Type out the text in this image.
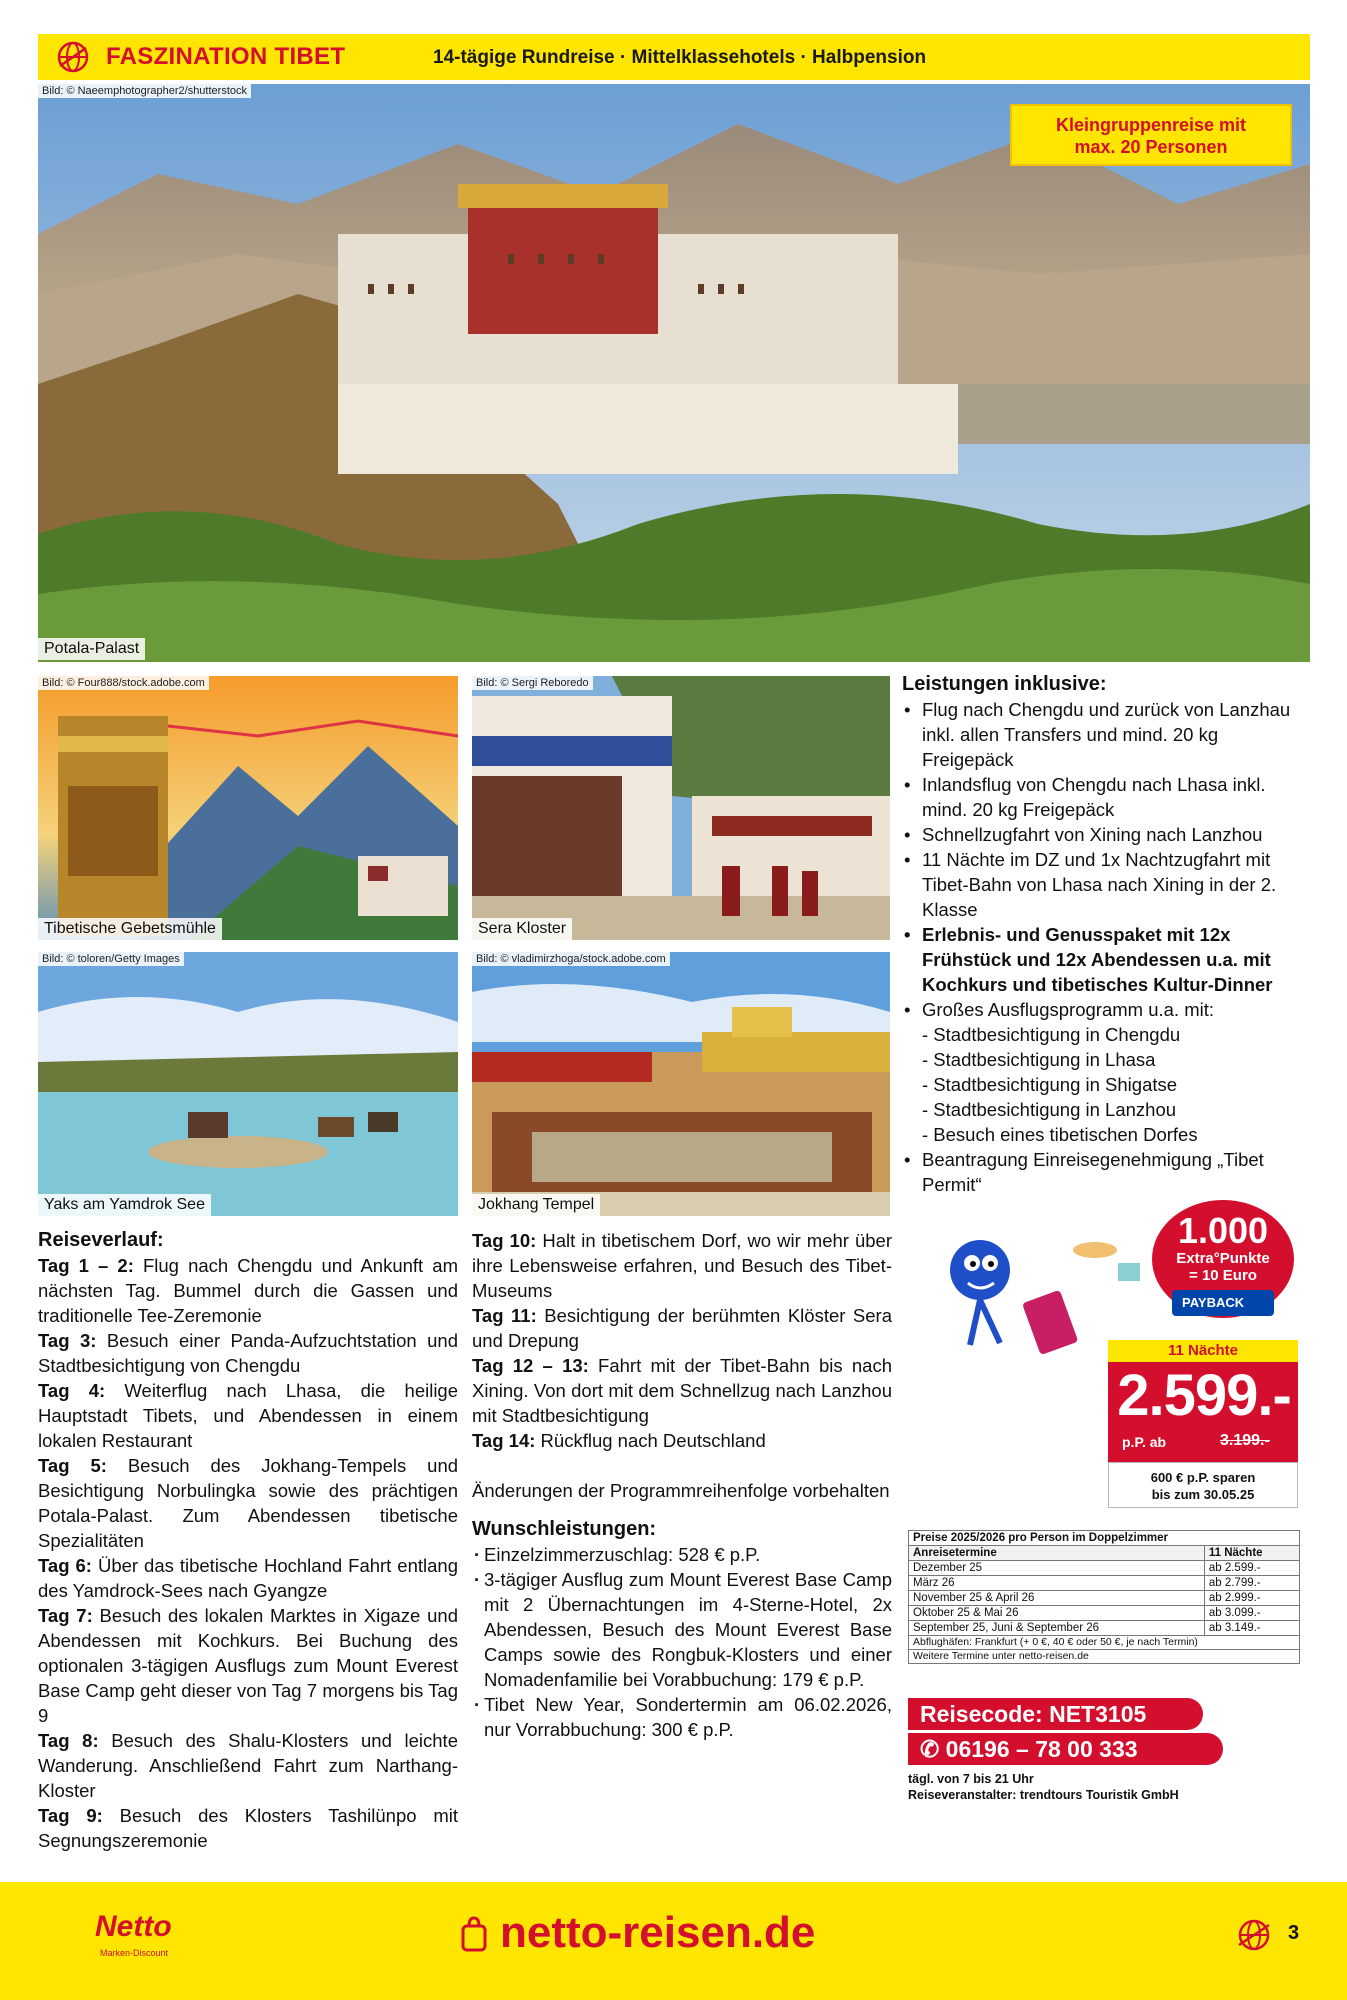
FASZINATION TIBET	14-tägige Rundreise · Mittelklassehotels · Halbpension
Bild: © Naeemphotographer2/shutterstock
Potala-Palast
Kleingruppenreise mit
max. 20 Personen
Bild: © Four888/stock.adobe.com
Tibetische Gebetsmühle
Bild: © Sergi Reboredo
Sera Kloster
Bild: © toloren/Getty Images
Yaks am Yamdrok See
Bild: © vladimirzhoga/stock.adobe.com
Jokhang Tempel
Leistungen inklusive:
• Flug nach Chengdu und zurück von Lanzhau inkl. allen Transfers und mind. 20 kg Freigepäck
• Inlandsflug von Chengdu nach Lhasa inkl. mind. 20 kg Freigepäck
• Schnellzugfahrt von Xining nach Lanzhou
• 11 Nächte im DZ und 1x Nachtzugfahrt mit Tibet-Bahn von Lhasa nach Xining in der 2. Klasse
• Erlebnis- und Genusspaket mit 12x Frühstück und 12x Abendessen u.a. mit Kochkurs und tibetisches Kultur-Dinner
• Großes Ausflugsprogramm u.a. mit:
- Stadtbesichtigung in Chengdu
- Stadtbesichtigung in Lhasa
- Stadtbesichtigung in Shigatse
- Stadtbesichtigung in Lanzhou
- Besuch eines tibetischen Dorfes
• Beantragung Einreisegenehmigung „Tibet Permit“
Reiseverlauf:

Tag 1 – 2: Flug nach Chengdu und Ankunft am nächsten Tag. Bummel durch die Gassen und traditionelle Tee-Zeremonie

Tag 3: Besuch einer Panda-Aufzuchtstation und Stadtbesichtigung von Chengdu

Tag 4: Weiterflug nach Lhasa, die heilige Hauptstadt Tibets, und Abendessen in einem lokalen Restaurant

Tag 5: Besuch des Jokhang-Tempels und Besichtigung Norbulingka sowie des prächtigen Potala-Palast. Zum Abendessen tibetische Spezialitäten

Tag 6: Über das tibetische Hochland Fahrt entlang des Yamdrock-Sees nach Gyangze

Tag 7: Besuch des lokalen Marktes in Xigaze und Abendessen mit Kochkurs. Bei Buchung des optionalen 3-tägigen Ausflugs zum Mount Everest Base Camp geht dieser von Tag 7 morgens bis Tag 9

Tag 8: Besuch des Shalu-Klosters und leichte Wanderung. Anschließend Fahrt zum Narthang-Kloster

Tag 9: Besuch des Klosters Tashilünpo mit Segnungszeremonie

Tag 10: Halt in tibetischem Dorf, wo wir mehr über ihre Lebensweise erfahren, und Besuch des Tibet-Museums

Tag 11: Besichtigung der berühmten Klöster Sera und Drepung

Tag 12 – 13: Fahrt mit der Tibet-Bahn bis nach Xining. Von dort mit dem Schnellzug nach Lanzhou mit Stadtbesichtigung

Tag 14: Rückflug nach Deutschland

Änderungen der Programmreihenfolge vorbehalten

Wunschleistungen:
· Einzelzimmerzuschlag: 528 € p.P.
· 3-tägiger Ausflug zum Mount Everest Base Camp mit 2 Übernachtungen im 4-Sterne-Hotel, 2x Abendessen, Besuch des Mount Everest Base Camps sowie des Rongbuk-Klosters und einer Nomadenfamilie bei Vorabbuchung: 179 € p.P.
· Tibet New Year, Sondertermin am 06.02.2026, nur Vorrabbuchung: 300 € p.P.
1.000
Extra°Punkte
= 10 Euro
PAYBACK
11 Nächte
2.599.-
p.P. ab	3.199.-
600 € p.P. sparen
bis zum 30.05.25
Preise 2025/2026 pro Person im Doppelzimmer	
Anreisetermine	11 Nächte
Dezember 25	ab 2.599.-
März 26	ab 2.799.-
November 25 & April 26	ab 2.999.-
Oktober 25 & Mai 26	ab 3.099.-
September 25, Juni & September 26	ab 3.149.-
Abflughäfen: Frankfurt (+ 0 €, 40 € oder 50 €, je nach Termin)	
Weitere Termine unter netto-reisen.de	
Reisecode: NET3105
✆ 06196 – 78 00 333
tägl. von 7 bis 21 Uhr
Reiseveranstalter: trendtours Touristik GmbH
Netto
Marken-Discount	netto-reisen.de	3
